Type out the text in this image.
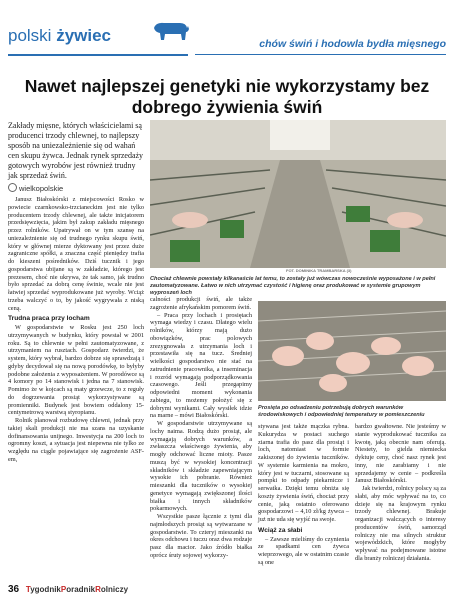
polski żywiec	chów świń i hodowla bydła mięsnego
Nawet najlepszej genetyki nie wykorzystamy bez dobrego żywienia świń

Zakłady mięsne, których właścicielami są producenci trzody chlewnej, to najlepszy sposób na uniezależnienie się od wahań cen skupu żywca. Jednak rynek sprzedaży gotowych wyrobów jest również trudny jak sprzedaż świń.

wielkopolskie

Janusz Białoskórski z miejscowości Rosko w powiecie czarnkowsko-trzcianeckim jest nie tylko producentem trzody chlewnej, ale także inicjatorem przedsięwzięcia, jakim był zakup zakładu mięsnego przez rolników. Upatrywał on w tym szansę na uniezależnienie się od trudnego rynku skupu świń, który w głównej mierze dyktowany jest przez duże zagraniczne spółki, a znaczna część pieniędzy trafia do kieszeni pośredników. Dziś tucznik i jego gospodarstwa ubijane są w zakładzie, którego jest prezesem, choć nie ukrywa, że tak samo, jak trudno było sprzedać za dobrą cenę świnie, wcale nie jest łatwiej sprzedać wyprodukowane już wyroby. Wciąż trzeba walczyć o to, by jakość wygrywała z niską ceną.

Trudna praca przy locham

W gospodarstwie w Rosku jest 250 loch utrzymywanych w budynku, który powstał w 2001 roku. Są to chlewnie w pełni zautomatyzowane, z utrzymaniem na rusztach. Gospodarz twierdzi, że system, który wybrał, bardzo dobrze się sprawdzają i gdyby decydował się na nową porodówkę, to byłyby podobne założenia z wyposażeniem. W porodówce są 4 komory po 14 stanowisk i jedna na 7 stanowisk. Pomimo że w kojcach są maty grzewcze, to z reguły do dogrzewania prosiąt wykorzystywane są promienniki. Budynek jest bowiem oddalony 15-centymetrową warstwą styropianu.

Rolnik planował rozbudowę chlewni, jednak przy takiej skali produkcji nie ma szans na uzyskanie dofinansowania unijnego. Inwestycja na 200 loch to ogromny koszt, a sytuacja jest niepewna nie tylko ze względu na ciągle pojawiające się zagrożenie ASF-em,

FOT. DOMINIKA TRAMBARSKA (3)
Chociaż chlewnie powstały kilkanaście lat temu, to zostały już wówczas nowocześnie wyposażone i w pełni zautomatyzowane. Łatwo w nich utrzymać czystość i higienę oraz produkować w systemie grupowym wyproszeń loch

calności produkcji świń, ale także zagrożenie afrykańskim pomorem świń.

– Praca przy lochach i prosiętach wymaga wiedzy i czasu. Dlatego wielu rolników, którzy mają dużo obowiązków, prac polowych zrezygnowała z utrzymania loch i przestawiła się na tucz. Średniej wielkości gospodarstwo nie stać na zatrudnienie pracownika, a inseminacja i rozród wymagają podporządkowania czasowego. Jeśli przegapimy odpowiedni moment wykonania zabiegu, to możemy położyć się z dobrymi wynikami. Cały wysiłek idzie na marne – mówi Białoskórski.

W gospodarstwie utrzymywane są lochy naima. Rodzą dużo prosiąt, ale wymagają dobrych warunków, a zwłaszcza właściwego żywienia, aby mogły odchować liczne mioty. Pasze muszą być w wysokiej koncentracji składników i składzie zapewniającym wysokie ich pobranie. Również mieszanki dla tuczników o wysokiej genetyce wymagają zwiększonej ilości białka i innych składników pokarmowych.

Wszystkie pasze łącznie z tymi dla najmłodszych prosiąt są wytwarzane w gospodarstwie. To czteryj mieszanki na okres odchowu i tuczu oraz dwa rodzaje pasz dla macior. Jako źródło białka oprócz śruty sojowej wykorzy-

Prosięta po odsadzeniu potrzebują dobrych warunków środowiskowych i odpowiedniej temperatury w pomieszczeniu

stywana jest także mączka rybna. Kukurydza w postaci suchego ziarna trafia do pasz dla prosiąt i loch, natomiast w formie zakiszonej do żywienia tuczników. W systemie karmienia na mokro, który jest w tuczarni, stosowane są pompki to odpady piekarnicze i serwatka. Dzięki temu obniża się koszty żywienia świń, chociaż przy cenie, jaką ostatnio oferowano gospodarzowi – 4,10 zł/kg żywca – już nie uda się wyjść na swoje.

Wciąż za słabi

– Zawsze mieliśmy do czynienia ze spadkami cen żywca wieprzowego, ale w ostatnim czasie są one

bardzo gwałtowne. Nie jesteśmy w stanie wyprodukować tucznika za kwotę, jaką obecnie nam oferują. Niestety, to gielda niemiecka dyktuje ceny, choć nasz rynek jest inny, nie zarabiamy i nie sprzedajemy w cenie – podkreśla Janusz Białoskórski.

Jak twierdzi, rolnicy polscy są za słabi, aby móc wpływać na to, co dzieje się na krajowym rynku trzody chlewnej. Brakuje organizacji walczących o interesy producentów świń, samorząd rolniczy nie ma silnych struktur wojewódzkich, które mogłyby wpływać na podejmowane istotne dla branży rolniczej działania.

36 TygodnikPoradnikRolniczy
